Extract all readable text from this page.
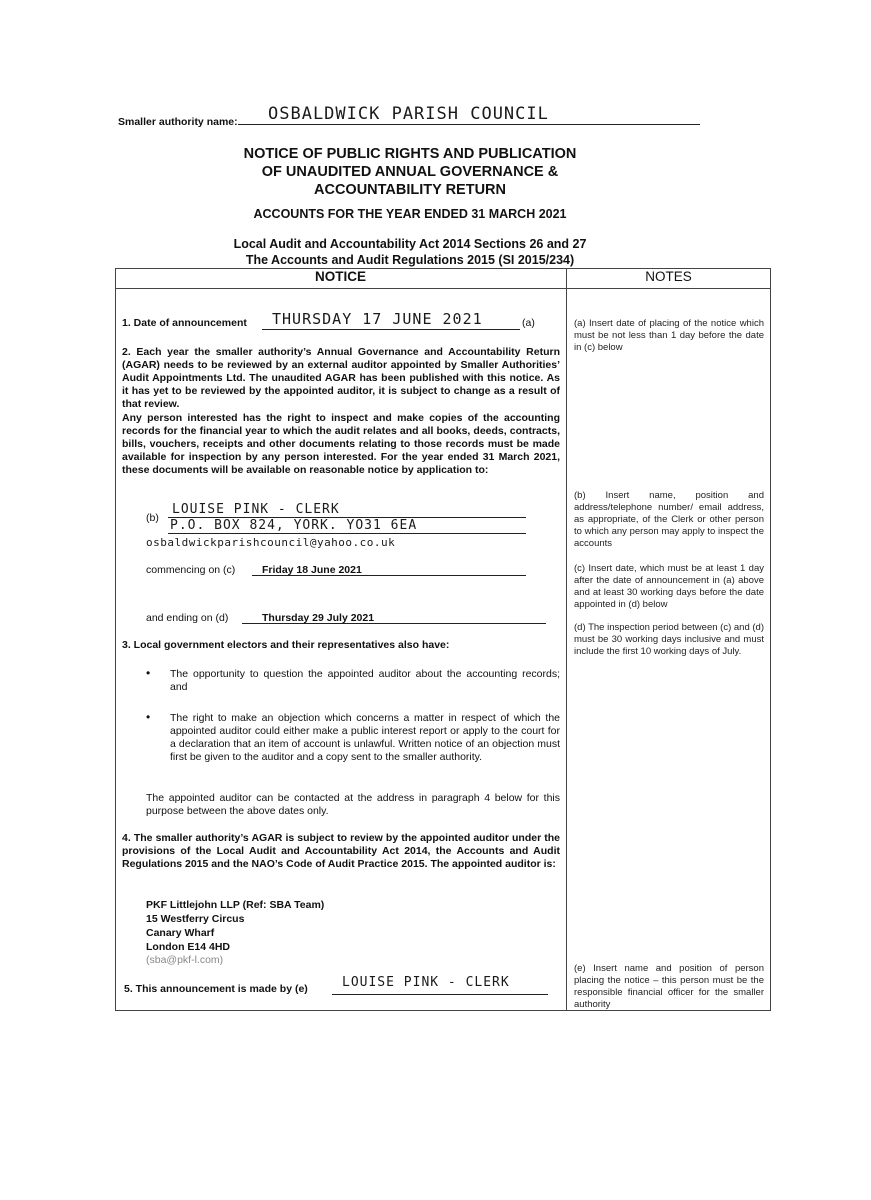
Smaller authority name: OSBALDWICK PARISH COUNCIL
NOTICE OF PUBLIC RIGHTS AND PUBLICATION
OF UNAUDITED ANNUAL GOVERNANCE &
ACCOUNTABILITY RETURN
ACCOUNTS FOR THE YEAR ENDED 31 MARCH 2021
Local Audit and Accountability Act 2014 Sections 26 and 27
The Accounts and Audit Regulations 2015 (SI 2015/234)
NOTICE	NOTES
1. Date of announcement THURSDAY 17 JUNE 2021	(a)
2. Each year the smaller authority’s Annual Governance and Accountability Return (AGAR) needs to be reviewed by an external auditor appointed by Smaller Authorities’ Audit Appointments Ltd. The unaudited AGAR has been published with this notice. As it has yet to be reviewed by the appointed auditor, it is subject to change as a result of that review.
Any person interested has the right to inspect and make copies of the accounting records for the financial year to which the audit relates and all books, deeds, contracts, bills, vouchers, receipts and other documents relating to those records must be made available for inspection by any person interested. For the year ended 31 March 2021, these documents will be available on reasonable notice by application to:
(b)
LOUISE PINK - CLERK
P.O. BOX 824, YORK. YO31 6EA
osbaldwickparishcouncil@yahoo.co.uk
commencing on (c)	Friday 18 June 2021
and ending on (d)	Thursday 29 July 2021
3. Local government electors and their representatives also have:
• The opportunity to question the appointed auditor about the accounting records; and
• The right to make an objection which concerns a matter in respect of which the appointed auditor could either make a public interest report or apply to the court for a declaration that an item of account is unlawful. Written notice of an objection must first be given to the auditor and a copy sent to the smaller authority.
The appointed auditor can be contacted at the address in paragraph 4 below for this purpose between the above dates only.
4. The smaller authority’s AGAR is subject to review by the appointed auditor under the provisions of the Local Audit and Accountability Act 2014, the Accounts and Audit Regulations 2015 and the NAO’s Code of Audit Practice 2015. The appointed auditor is:
PKF Littlejohn LLP (Ref: SBA Team)
15 Westferry Circus
Canary Wharf
London E14 4HD
(sba@pkf-l.com)
5. This announcement is made by (e)	LOUISE PINK - CLERK
(a) Insert date of placing of the notice which must be not less than 1 day before the date in (c) below
(b) Insert name, position and address/telephone number/ email address, as appropriate, of the Clerk or other person to which any person may apply to inspect the accounts
(c) Insert date, which must be at least 1 day after the date of announcement in (a) above and at least 30 working days before the date appointed in (d) below
(d) The inspection period between (c) and (d) must be 30 working days inclusive and must include the first 10 working days of July.
(e) Insert name and position of person placing the notice – this person must be the responsible financial officer for the smaller authority
